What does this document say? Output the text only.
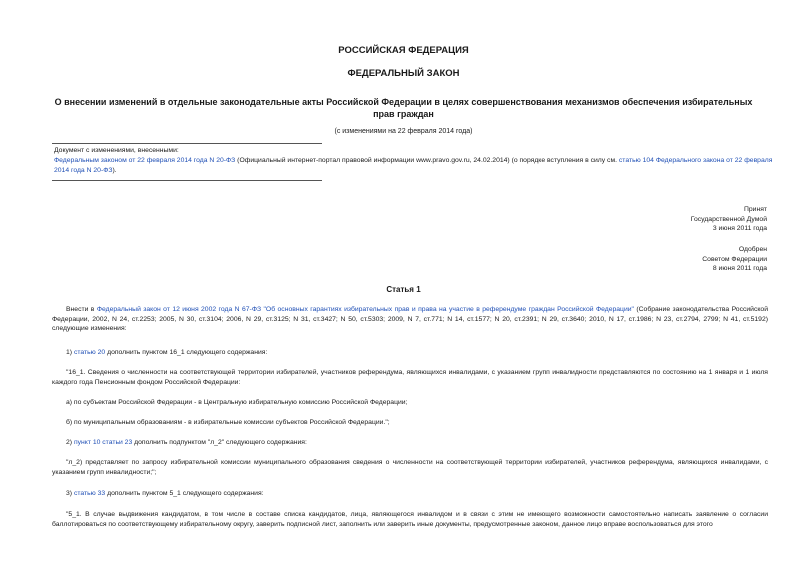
РОССИЙСКАЯ ФЕДЕРАЦИЯ
ФЕДЕРАЛЬНЫЙ ЗАКОН
О внесении изменений в отдельные законодательные акты Российской Федерации в целях совершенствования механизмов обеспечения избирательных прав граждан
(с изменениями на 22 февраля 2014 года)
Документ с изменениями, внесенными:
Федеральным законом от 22 февраля 2014 года N 20-ФЗ (Официальный интернет-портал правовой информации www.pravo.gov.ru, 24.02.2014) (о порядке вступления в силу см. статью 104 Федерального закона от 22 февраля 2014 года N 20-ФЗ).
Принят
Государственной Думой
3 июня 2011 года
Одобрен
Советом Федерации
8 июня 2011 года
Статья 1
Внести в Федеральный закон от 12 июня 2002 года N 67-ФЗ "Об основных гарантиях избирательных прав и права на участие в референдуме граждан Российской Федерации" (Собрание законодательства Российской Федерации, 2002, N 24, ст.2253; 2005, N 30, ст.3104; 2006, N 29, ст.3125; N 31, ст.3427; N 50, ст.5303; 2009, N 7, ст.771; N 14, ст.1577; N 20, ст.2391; N 29, ст.3640; 2010, N 17, ст.1986; N 23, ст.2794, 2799; N 41, ст.5192) следующие изменения:
1) статью 20 дополнить пунктом 16_1 следующего содержания:
"16_1. Сведения о численности на соответствующей территории избирателей, участников референдума, являющихся инвалидами, с указанием групп инвалидности представляются по состоянию на 1 января и 1 июля каждого года Пенсионным фондом Российской Федерации:
а) по субъектам Российской Федерации - в Центральную избирательную комиссию Российской Федерации;
б) по муниципальным образованиям - в избирательные комиссии субъектов Российской Федерации.";
2) пункт 10 статьи 23 дополнить подпунктом "л_2" следующего содержания:
"л_2) представляет по запросу избирательной комиссии муниципального образования сведения о численности на соответствующей территории избирателей, участников референдума, являющихся инвалидами, с указанием групп инвалидности;";
3) статью 33 дополнить пунктом 5_1 следующего содержания:
"5_1. В случае выдвижения кандидатом, в том числе в составе списка кандидатов, лица, являющегося инвалидом и в связи с этим не имеющего возможности самостоятельно написать заявление о согласии баллотироваться по соответствующему избирательному округу, заверить подписной лист, заполнить или заверить иные документы, предусмотренные законом, данное лицо вправе воспользоваться для этого
